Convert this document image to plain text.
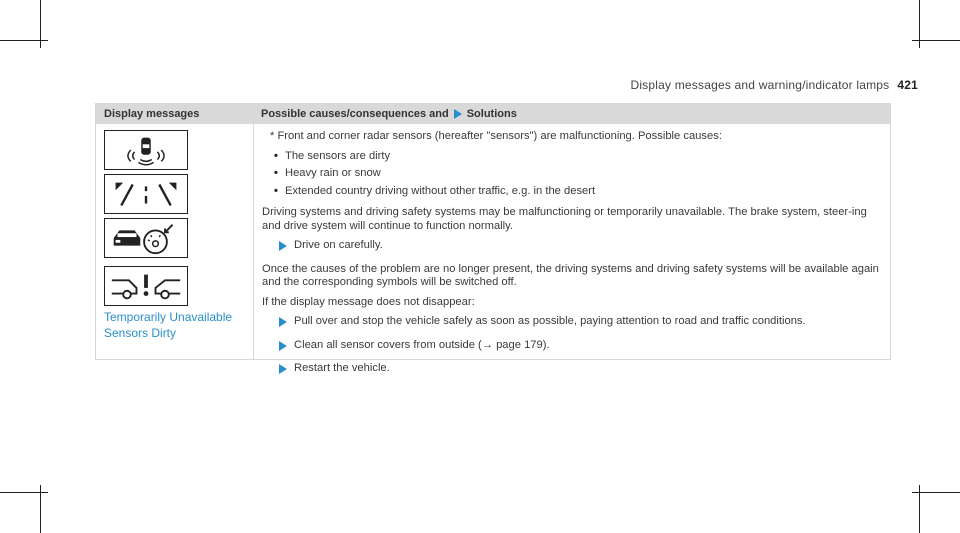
Display messages and warning/indicator lamps 421
Display messages	Possible causes/consequences and Solutions
Temporarily Unavailable
Sensors Dirty
* Front and corner radar sensors (hereafter "sensors") are malfunctioning. Possible causes:
• The sensors are dirty
• Heavy rain or snow
• Extended country driving without other traffic, e.g. in the desert
Driving systems and driving safety systems may be malfunctioning or temporarily unavailable. The brake system, steer-ing and drive system will continue to function normally.
Drive on carefully.
Once the causes of the problem are no longer present, the driving systems and driving safety systems will be available again and the corresponding symbols will be switched off.
If the display message does not disappear:
Pull over and stop the vehicle safely as soon as possible, paying attention to road and traffic conditions.
Clean all sensor covers from outside (→ page 179).
Restart the vehicle.
